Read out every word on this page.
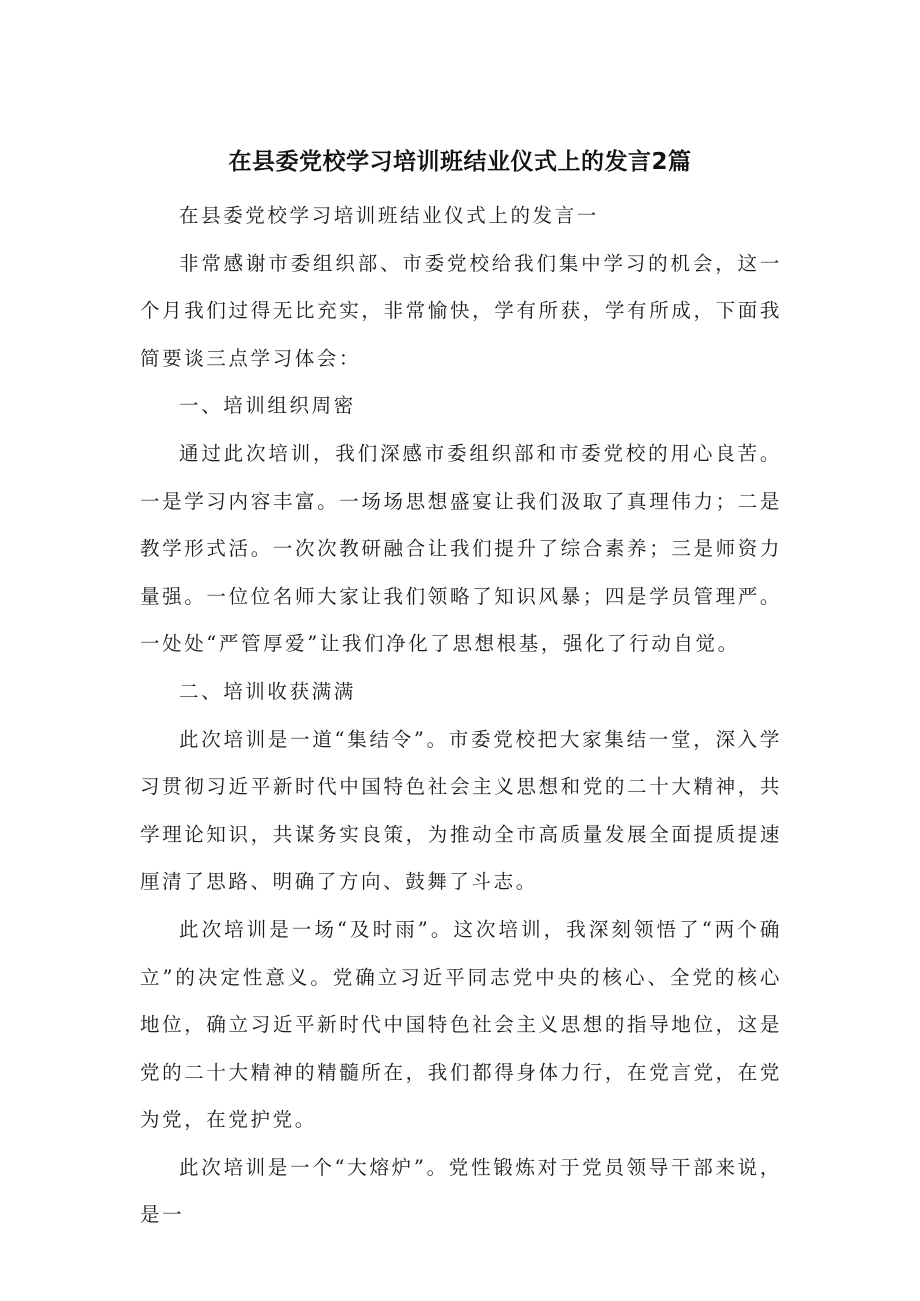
在县委党校学习培训班结业仪式上的发言2篇

在县委党校学习培训班结业仪式上的发言一

非常感谢市委组织部、市委党校给我们集中学习的机会，这一个月我们过得无比充实，非常愉快，学有所获，学有所成，下面我简要谈三点学习体会：

一、培训组织周密

通过此次培训，我们深感市委组织部和市委党校的用心良苦。一是学习内容丰富。一场场思想盛宴让我们汲取了真理伟力；二是教学形式活。一次次教研融合让我们提升了综合素养；三是师资力量强。一位位名师大家让我们领略了知识风暴；四是学员管理严。一处处“严管厚爱”让我们净化了思想根基，强化了行动自觉。

二、培训收获满满

此次培训是一道“集结令”。市委党校把大家集结一堂，深入学习贯彻习近平新时代中国特色社会主义思想和党的二十大精神，共学理论知识，共谋务实良策，为推动全市高质量发展全面提质提速厘清了思路、明确了方向、鼓舞了斗志。

此次培训是一场“及时雨”。这次培训，我深刻领悟了“两个确立”的决定性意义。党确立习近平同志党中央的核心、全党的核心地位，确立习近平新时代中国特色社会主义思想的指导地位，这是党的二十大精神的精髓所在，我们都得身体力行，在党言党，在党为党，在党护党。

此次培训是一个“大熔炉”。党性锻炼对于党员领导干部来说，是一
